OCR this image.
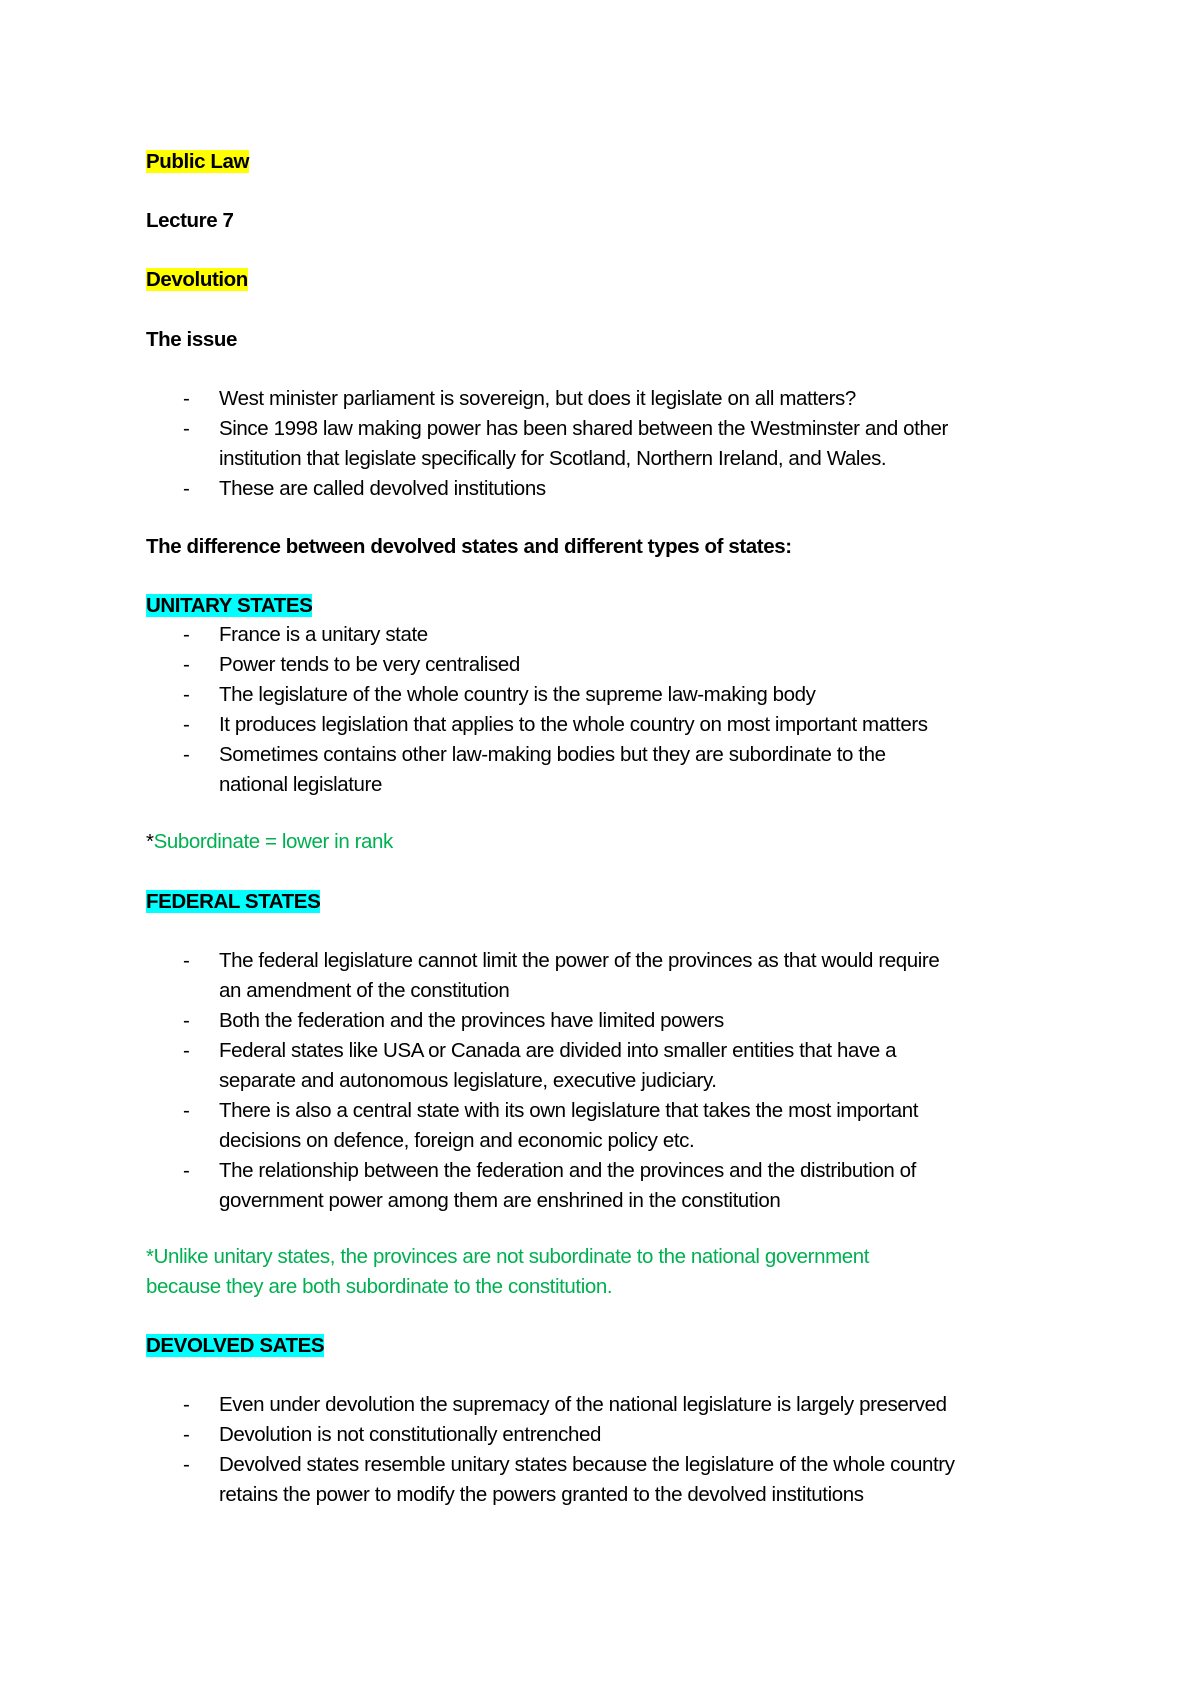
Public Law
Lecture 7
Devolution
The issue
- West minister parliament is sovereign, but does it legislate on all matters?
- Since 1998 law making power has been shared between the Westminster and other
institution that legislate specifically for Scotland, Northern Ireland, and Wales.
- These are called devolved institutions
The difference between devolved states and different types of states:
UNITARY STATES
- France is a unitary state
- Power tends to be very centralised
- The legislature of the whole country is the supreme law-making body
- It produces legislation that applies to the whole country on most important matters
- Sometimes contains other law-making bodies but they are subordinate to the
national legislature
*Subordinate = lower in rank
FEDERAL STATES
- The federal legislature cannot limit the power of the provinces as that would require
an amendment of the constitution
- Both the federation and the provinces have limited powers
- Federal states like USA or Canada are divided into smaller entities that have a
separate and autonomous legislature, executive judiciary.
- There is also a central state with its own legislature that takes the most important
decisions on defence, foreign and economic policy etc.
- The relationship between the federation and the provinces and the distribution of
government power among them are enshrined in the constitution
*Unlike unitary states, the provinces are not subordinate to the national government
because they are both subordinate to the constitution.
DEVOLVED SATES
- Even under devolution the supremacy of the national legislature is largely preserved
- Devolution is not constitutionally entrenched
- Devolved states resemble unitary states because the legislature of the whole country
retains the power to modify the powers granted to the devolved institutions
